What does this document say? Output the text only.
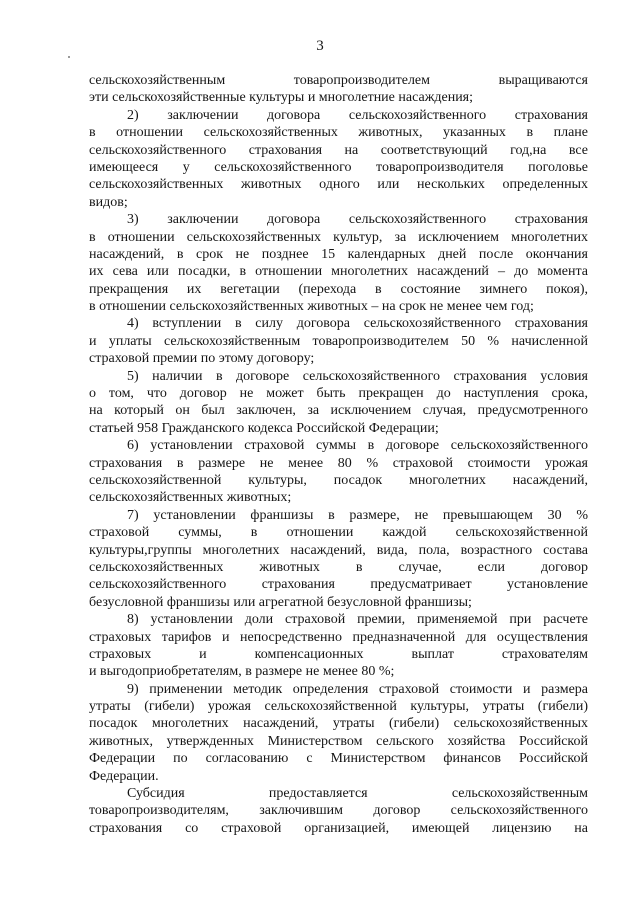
3
сельскохозяйственным товаропроизводителем выращиваются
эти сельскохозяйственные культуры и многолетние насаждения;
2) заключении договора сельскохозяйственного страхования
в отношении сельскохозяйственных животных, указанных в плане
сельскохозяйственного страхования на соответствующий год,на все
имеющееся у сельскохозяйственного товаропроизводителя поголовье
сельскохозяйственных животных одного или нескольких определенных
видов;
3) заключении договора сельскохозяйственного страхования
в отношении сельскохозяйственных культур, за исключением многолетних
насаждений, в срок не позднее 15 календарных дней после окончания
их сева или посадки, в отношении многолетних насаждений – до момента
прекращения их вегетации (перехода в состояние зимнего покоя),
в отношении сельскохозяйственных животных – на срок не менее чем год;
4) вступлении в силу договора сельскохозяйственного страхования
и уплаты сельскохозяйственным товаропроизводителем 50 % начисленной
страховой премии по этому договору;
5) наличии в договоре сельскохозяйственного страхования условия
о том, что договор не может быть прекращен до наступления срока,
на который он был заключен, за исключением случая, предусмотренного
статьей 958 Гражданского кодекса Российской Федерации;
6) установлении страховой суммы в договоре сельскохозяйственного
страхования в размере не менее 80 % страховой стоимости урожая
сельскохозяйственной культуры, посадок многолетних насаждений,
сельскохозяйственных животных;
7) установлении франшизы в размере, не превышающем 30 %
страховой суммы, в отношении каждой сельскохозяйственной
культуры,группы многолетних насаждений, вида, пола, возрастного состава
сельскохозяйственных животных в случае, если договор
сельскохозяйственного страхования предусматривает установление
безусловной франшизы или агрегатной безусловной франшизы;
8) установлении доли страховой премии, применяемой при расчете
страховых тарифов и непосредственно предназначенной для осуществления
страховых и компенсационных выплат страхователям
и выгодоприобретателям, в размере не менее 80 %;
9) применении методик определения страховой стоимости и размера
утраты (гибели) урожая сельскохозяйственной культуры, утраты (гибели)
посадок многолетних насаждений, утраты (гибели) сельскохозяйственных
животных, утвержденных Министерством сельского хозяйства Российской
Федерации по согласованию с Министерством финансов Российской
Федерации.
Субсидия предоставляется сельскохозяйственным
товаропроизводителям, заключившим договор сельскохозяйственного
страхования со страховой организацией, имеющей лицензию на
